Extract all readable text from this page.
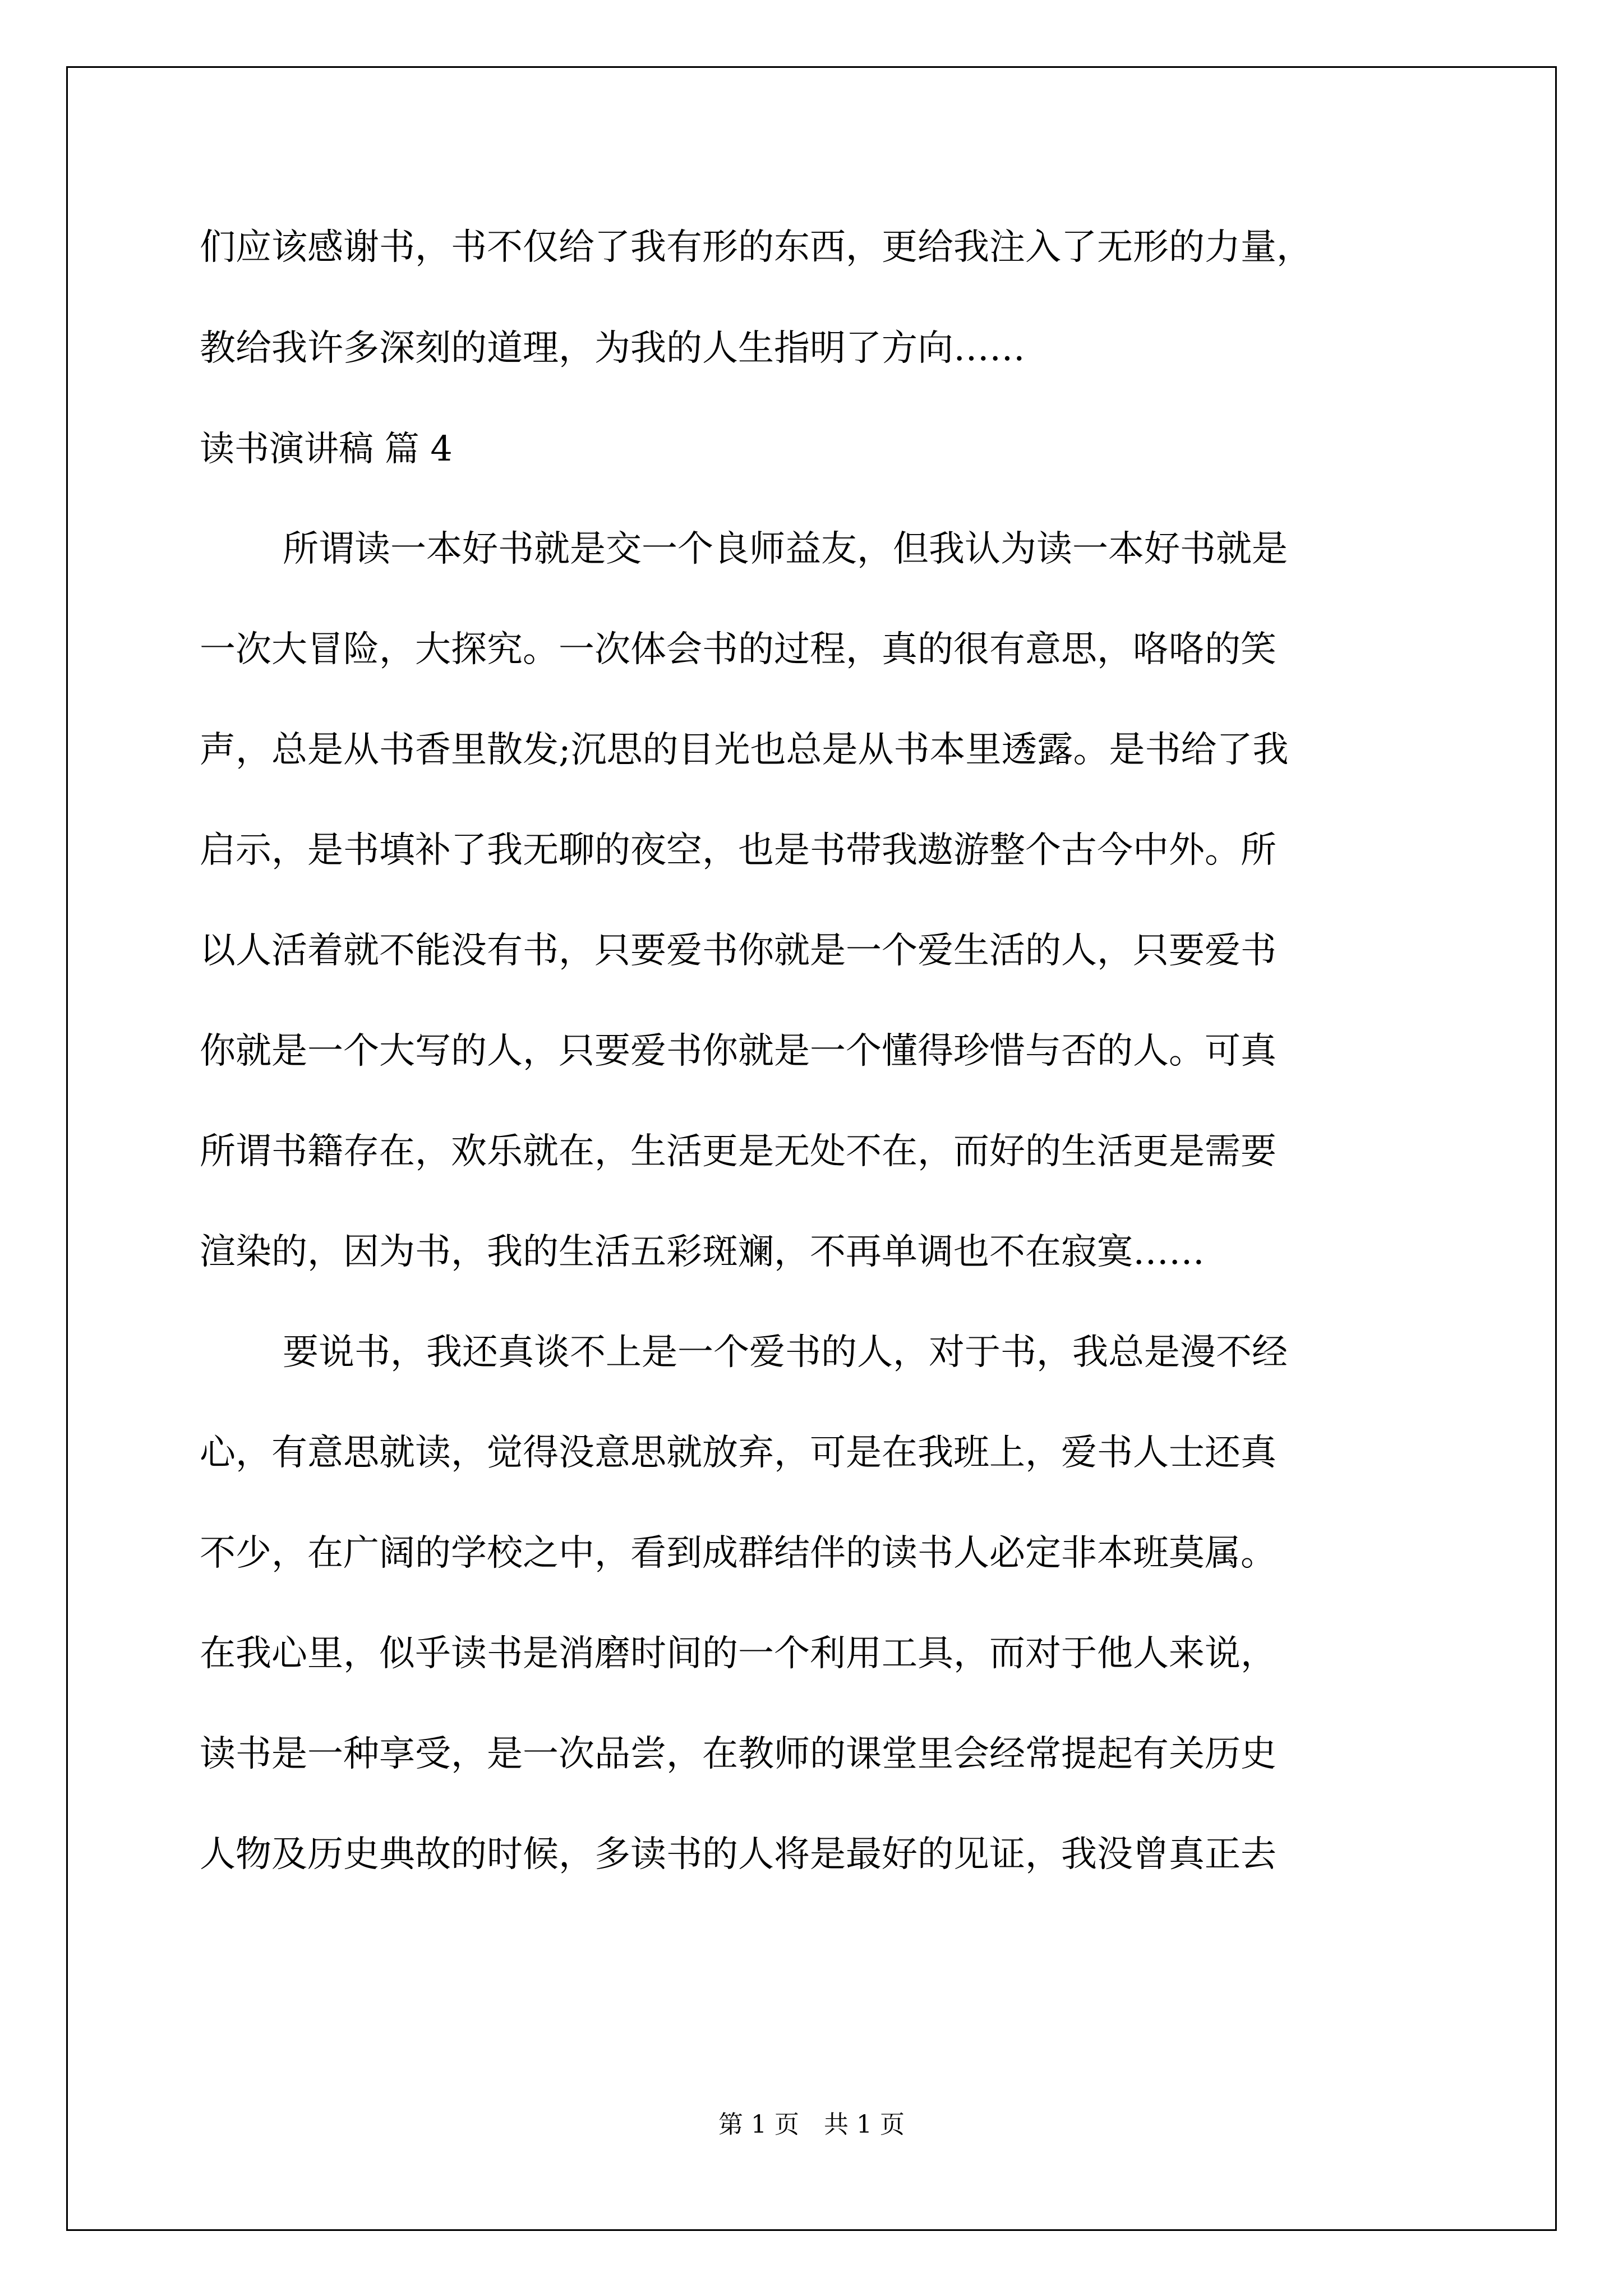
们应该感谢书，书不仅给了我有形的东西，更给我注入了无形的力量，
教给我许多深刻的道理，为我的人生指明了方向……
读书演讲稿 篇 4
所谓读一本好书就是交一个良师益友，但我认为读一本好书就是
一次大冒险，大探究。一次体会书的过程，真的很有意思，咯咯的笑
声，总是从书香里散发;沉思的目光也总是从书本里透露。是书给了我
启示，是书填补了我无聊的夜空，也是书带我遨游整个古今中外。所
以人活着就不能没有书，只要爱书你就是一个爱生活的人，只要爱书
你就是一个大写的人，只要爱书你就是一个懂得珍惜与否的人。可真
所谓书籍存在，欢乐就在，生活更是无处不在，而好的生活更是需要
渲染的，因为书，我的生活五彩斑斓，不再单调也不在寂寞……
要说书，我还真谈不上是一个爱书的人，对于书，我总是漫不经
心，有意思就读，觉得没意思就放弃，可是在我班上，爱书人士还真
不少，在广阔的学校之中，看到成群结伴的读书人必定非本班莫属。
在我心里，似乎读书是消磨时间的一个利用工具，而对于他人来说，
读书是一种享受，是一次品尝，在教师的课堂里会经常提起有关历史
人物及历史典故的时候，多读书的人将是最好的见证，我没曾真正去
第 1 页　共 1 页
